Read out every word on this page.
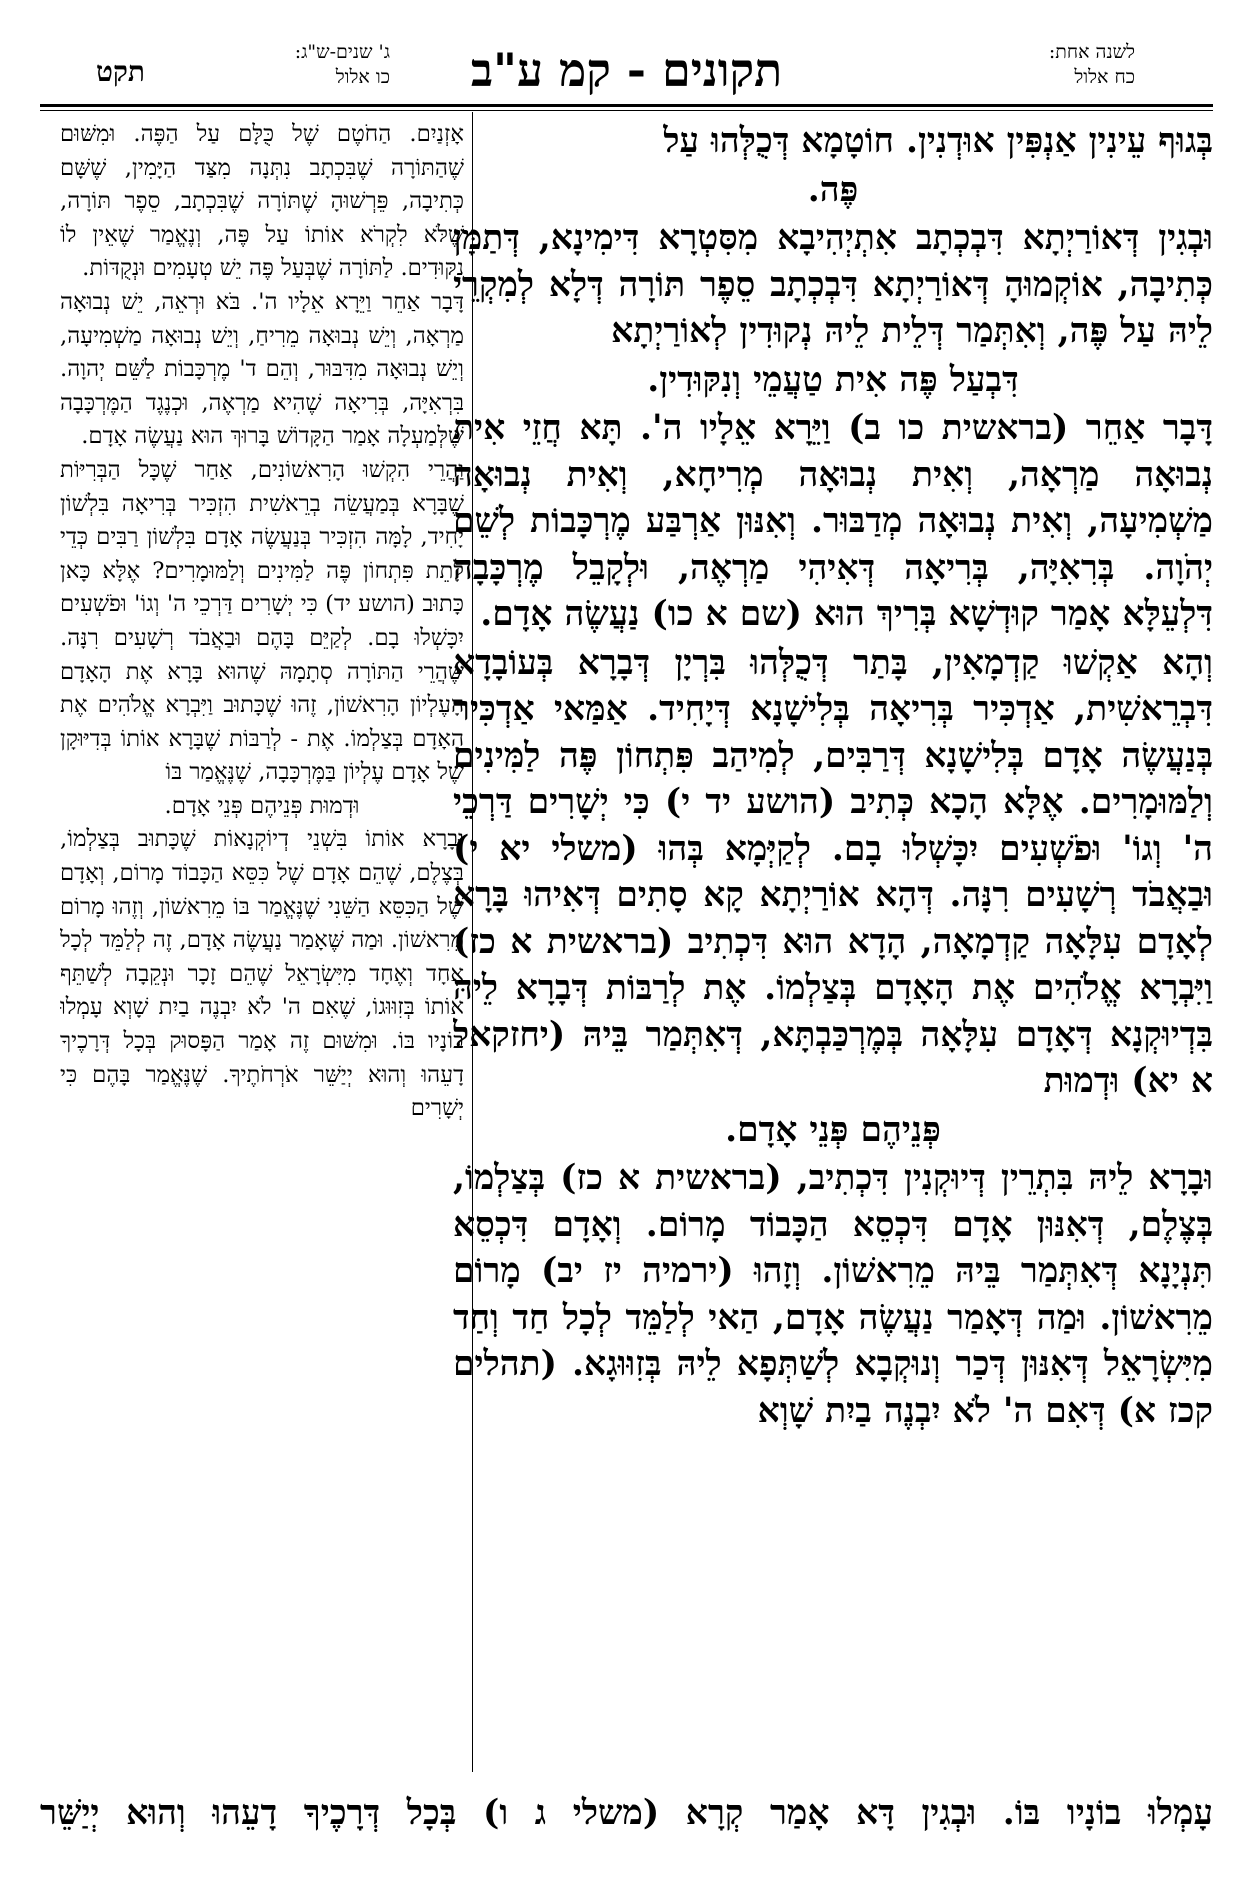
לשנה אחת:
כח אלול
תקונים - קמ ע"ב
ג' שנים-ש"ג:
כו אלול
תקט

בְּגוּף עֵינִין אַנְפִּין אוּדְנִין. חוֹטָמָא דְּכֻלְּהוּ עַל

פֶּה.

וּבְגִין דְּאוֹרַיְתָא דִּבְכְתָב אִתְיְהִיבָא מִסִּטְרָא דִּימִינָא, דְּתַמָּן כְּתִיבָה, אוֹקְמוּהָ דְּאוֹרַיְתָא דִּבְכְתָב סֵפֶר תּוֹרָה דְּלָא לְמִקְרֵי לֵיהּ עַל פֶּה, וְאִתְּמַר דְּלֵית לֵיהּ נְקוּדִין לְאוֹרַיְתָא

דִּבְעַל פֶּה אִית טַעֲמֵי וְנִקּוּדִין.

דָּבָר אַחֵר (בראשית כו ב) וַיֵּרָא אֵלָיו ה'. תָּא חֲזֵי אִית נְבוּאָה מַרְאָה, וְאִית נְבוּאָה מְרִיחָא, וְאִית נְבוּאָה מַשְׁמִיעָה, וְאִית נְבוּאָה מְדַבּוּר. וְאִנּוּן אַרְבַּע מֶרְכָּבוֹת לְשֵׁם יְהֹוָה. בְּרִאִיָּה, בְּרִיאָה דְּאִיהִי מַרְאֶה, וּלְקָבֵל מֶרְכָּבָה דִּלְעֵלָּא אָמַר קוּדְשָׁא בְּרִיךְ הוּא (שם א כו) נַעֲשֶׂה אָדָם.

וְהָא אַקְשׁוּ קַדְמָאִין, בָּתַר דְּכֻלְּהוּ בִּרְיָן דְּבָרָא בְּעוֹבָדָא דִּבְרֵאשִׁית, אַדְכִּיר בְּרִיאָה בְּלִישָׁנָא דְּיָחִיד. אַמַּאי אַדְכִּיר בְּנַעֲשֶׂה אָדָם בְּלִישָׁנָא דְּרַבִּים, לְמִיהַב פִּתְחוֹן פֶּה לַמִּינִים וְלַמּוּמָרִים. אֶלָּא הָכָא כְּתִיב (הושע יד י) כִּי יְשָׁרִים דַּרְכֵי ה' וְגוֹ' וּפֹשְׁעִים יִכָּשְׁלוּ בָם. לְקַיְּמָא בְּהוּ (משלי יא י) וּבַאֲבֹד רְשָׁעִים רִנָּה. דְּהָא אוֹרַיְתָא קָא סָתִים דְּאִיהוּ בָּרָא לְאָדָם עִלָּאָה קַדְמָאָה, הָדָא הוּא דִּכְתִיב (בראשית א כז) וַיִּבְרָא אֱלֹהִים אֶת הָאָדָם בְּצַלְמוֹ. אֶת לְרַבּוֹת דְּבָרָא לֵיהּ בִּדְיוּקְנָא דְּאָדָם עִלָּאָה בְּמֶרְכַּבְתָּא, דְּאִתְּמַר בֵּיהּ (יחזקאל א יא) וּדְמוּת

פְּנֵיהֶם פְּנֵי אָדָם.

וּבָרָא לֵיהּ בִּתְרֵין דְּיוּקְנִין דִּכְתִיב, (בראשית א כז) בְּצַלְמוֹ, בְּצֶלֶם, דְּאִנּוּן אָדָם דִּכְסֵא הַכָּבוֹד מָרוֹם. וְאָדָם דִּכְסֵא תִּנְיָנָא דְּאִתְּמַר בֵּיהּ מֵרִאשׁוֹן. וְזָהוּ (ירמיה יז יב) מָרוֹם מֵרִאשׁוֹן. וּמַה דְּאָמַר נַעֲשֶׂה אָדָם, הַאי לְלַמֵּד לְכָל חַד וְחַד מִיִּשְׂרָאֵל דְּאִנּוּן דְּכַר וְנוּקְבָא לְשַׁתְּפָא לֵיהּ בְּזִוּוּגָא. (תהלים קכז א) דְּאִם ה' לֹא יִבְנֶה בַיִת שָׁוְא

אָזְנַיִם. הַחֹטֶם שֶׁל כֻּלָּם עַל הַפֶּה. וּמִשּׁוּם שֶׁהַתּוֹרָה שֶׁבִּכְתָב נִתְּנָה מִצַּד הַיָּמִין, שֶׁשָּׁם כְּתִיבָה, פֵּרְשׁוּהָ שֶׁתּוֹרָה שֶׁבִּכְתָב, סֵפֶר תּוֹרָה, שֶׁלֹּא לִקְרֹא אוֹתוֹ עַל פֶּה, וְנֶאֱמַר שֶׁאֵין לוֹ נִקּוּדִים. לַתּוֹרָה שֶׁבְּעַל פֶּה יֵשׁ טְעָמִים וּנְקֻדּוֹת.

דָּבָר אַחֵר וַיֵּרָא אֵלָיו ה'. בֹּא וּרְאֵה, יֵשׁ נְבוּאָה מַרְאָה, וְיֵשׁ נְבוּאָה מֵרִיחַ, וְיֵשׁ נְבוּאָה מַשְׁמִיעָה, וְיֵשׁ נְבוּאָה מִדִּבּוּר, וְהֵם ד' מֶרְכָּבוֹת לַשֵּׁם יְהוָה. בִּרְאִיָּה, בְּרִיאָה שֶׁהִיא מַרְאֶה, וּכְנֶגֶד הַמֶּרְכָּבָה שֶׁלְּמַעְלָה אָמַר הַקָּדוֹשׁ בָּרוּךְ הוּא נַעֲשֶׂה אָדָם.

וַהֲרֵי הִקְשׁוּ הָרִאשׁוֹנִים, אַחַר שֶׁכָּל הַבְּרִיּוֹת שֶׁבָּרָא בְּמַעֲשֵׂה בְרֵאשִׁית הִזְכִּיר בְּרִיאָה בִּלְשׁוֹן יָחִיד, לָמָּה הִזְכִּיר בְּנַעֲשֶׂה אָדָם בִּלְשׁוֹן רַבִּים כְּדֵי לָתֵת פִּתְחוֹן פֶּה לַמִּינִים וְלַמּוּמָרִים? אֶלָּא כָּאן כָּתוּב (הושע יד) כִּי יְשָׁרִים דַּרְכֵי ה' וְגוֹ' וּפֹשְׁעִים יִכָּשְׁלוּ בָם. לְקַיֵּם בָּהֶם וּבַאֲבֹד רְשָׁעִים רִנָּה. שֶׁהֲרֵי הַתּוֹרָה סְתָמָהּ שֶׁהוּא בָּרָא אֶת הָאָדָם הָעֶלְיוֹן הָרִאשׁוֹן, זֶהוּ שֶׁכָּתוּב וַיִּבְרָא אֱלֹהִים אֶת הָאָדָם בְּצַלְמוֹ. אֶת - לְרַבּוֹת שֶׁבָּרָא אוֹתוֹ בְּדִיּוּקָן שֶׁל אָדָם עֶלְיוֹן בַּמֶּרְכָּבָה, שֶׁנֶּאֱמַר בּוֹ

וּדְמוּת פְּנֵיהֶם פְּנֵי אָדָם.

וּבָרָא אוֹתוֹ בִּשְׁנֵי דְיוֹקְנָאוֹת שֶׁכָּתוּב בְּצַלְמוֹ, בְּצֶלֶם, שֶׁהֵם אָדָם שֶׁל כִּסֵּא הַכָּבוֹד מָרוֹם, וְאָדָם שֶׁל הַכִּסֵּא הַשֵּׁנִי שֶׁנֶּאֱמַר בּוֹ מֵרִאשׁוֹן, וְזֶהוּ מָרוֹם מֵרִאשׁוֹן. וּמַה שֶּׁאָמַר נַעֲשֶׂה אָדָם, זֶה לְלַמֵּד לְכָל אֶחָד וְאֶחָד מִיִּשְׂרָאֵל שֶׁהֵם זָכָר וּנְקֵבָה לְשַׁתֵּף אוֹתוֹ בְּזִוּוּגוֹ, שֶׁאִם ה' לֹא יִבְנֶה בַיִת שָׁוְא עָמְלוּ בוֹנָיו בּוֹ. וּמִשּׁוּם זֶה אָמַר הַפָּסוּק בְּכָל דְּרָכֶיךָ דָעֵהוּ וְהוּא יְיַשֵּׁר אֹרְחֹתֶיךָ. שֶׁנֶּאֱמַר בָּהֶם כִּי יְשָׁרִים

עָמְלוּ בוֹנָיו בּוֹ. וּבְגִין דָּא אָמַר קְרָא (משלי ג ו) בְּכָל דְּרָכֶיךָ דָעֵהוּ וְהוּא יְיַשֵּׁר
